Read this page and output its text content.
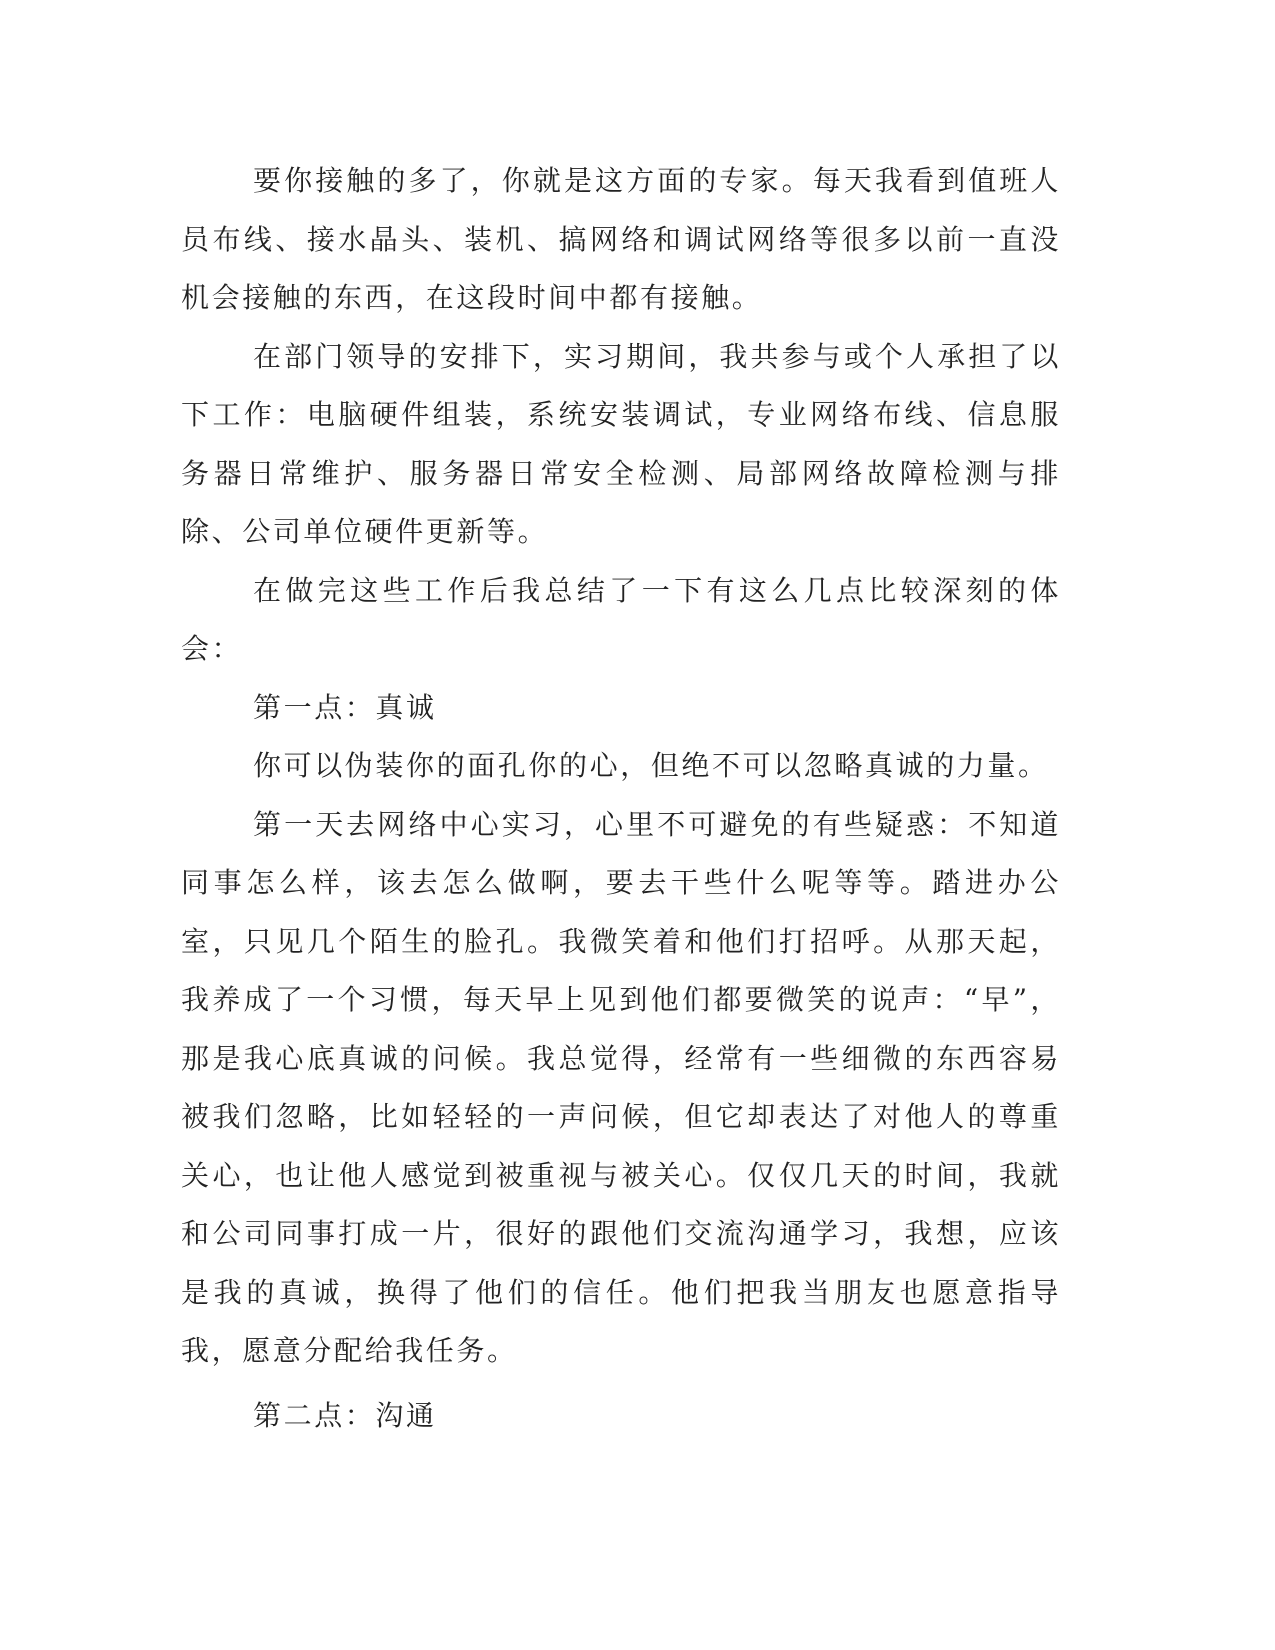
要你接触的多了，你就是这方面的专家。每天我看到值班人员布线、接水晶头、装机、搞网络和调试网络等很多以前一直没机会接触的东西，在这段时间中都有接触。

在部门领导的安排下，实习期间，我共参与或个人承担了以下工作：电脑硬件组装，系统安装调试，专业网络布线、信息服务器日常维护、服务器日常安全检测、局部网络故障检测与排除、公司单位硬件更新等。

在做完这些工作后我总结了一下有这么几点比较深刻的体会：

第一点：真诚

你可以伪装你的面孔你的心，但绝不可以忽略真诚的力量。

第一天去网络中心实习，心里不可避免的有些疑惑：不知道同事怎么样，该去怎么做啊，要去干些什么呢等等。踏进办公室，只见几个陌生的脸孔。我微笑着和他们打招呼。从那天起，我养成了一个习惯，每天早上见到他们都要微笑的说声：“早”，那是我心底真诚的问候。我总觉得，经常有一些细微的东西容易被我们忽略，比如轻轻的一声问候，但它却表达了对他人的尊重关心，也让他人感觉到被重视与被关心。仅仅几天的时间，我就和公司同事打成一片，很好的跟他们交流沟通学习，我想，应该是我的真诚，换得了他们的信任。他们把我当朋友也愿意指导我，愿意分配给我任务。

第二点：沟通
